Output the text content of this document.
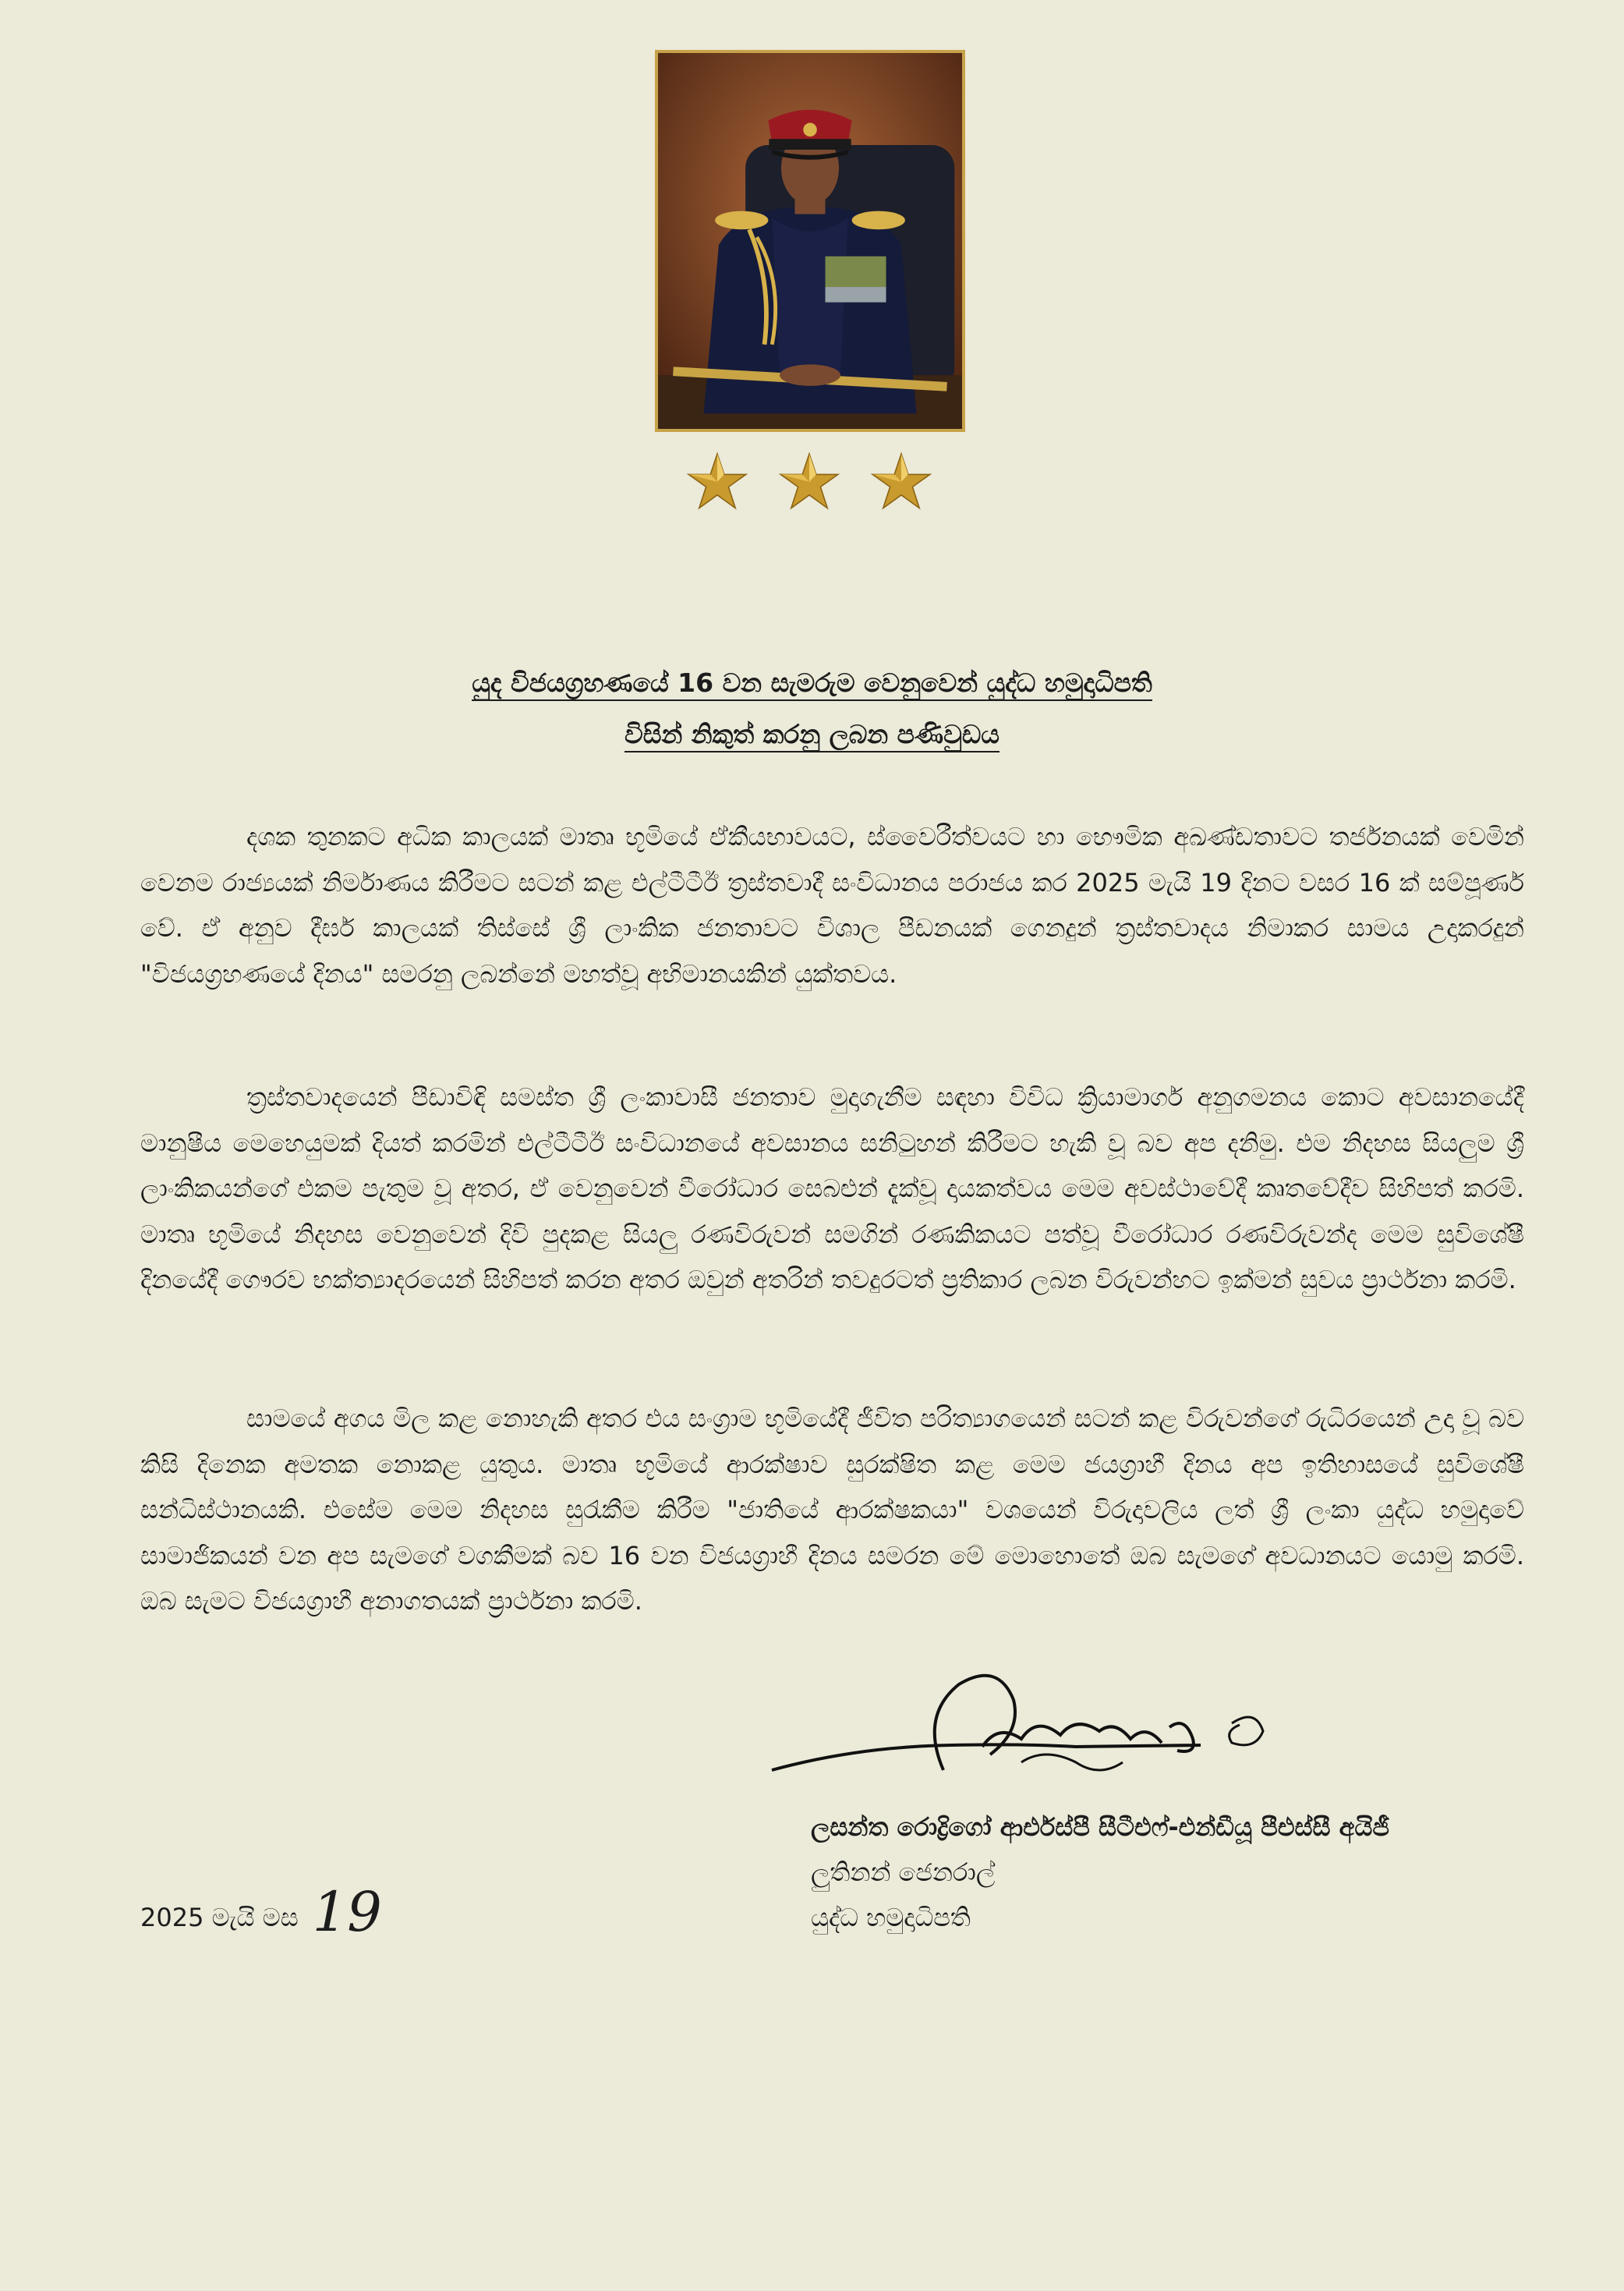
යුද විජයග්‍රහණයේ 16 වන සැමරුම වෙනුවෙන් යුද්ධ හමුදාධිපති
විසින් නිකුත් කරනු ලබන පණිවුඩය

දශක තුනකට අධික කාලයක් මාතෘ භූමියේ ඒකීයභාවයට, ස්වෛරීත්වයට හා භෞමික අඛණ්ඩතාවට තර්ජනයක් වෙමින් වෙනම රාජ්‍යයක් නිර්මාණය කිරීමට සටන් කළ එල්ටීටීඊ ත්‍රස්තවාදී සංවිධානය පරාජය කර 2025 මැයි 19 දිනට වසර 16 ක් සම්පූර්ණ වේ. ඒ අනුව දීර්ඝ කාලයක් තිස්සේ ශ්‍රී ලාංකික ජනතාවට විශාල පීඩනයක් ගෙනදුන් ත්‍රස්තවාදය නිමාකර සාමය උදාකරදුන් "විජයග්‍රහණයේ දිනය" සමරනු ලබන්නේ මහත්වූ අභිමානයකින් යුක්තවය.

ත්‍රස්තවාදයෙන් පීඩාවිඳි සමස්ත ශ්‍රී ලංකාවාසී ජනතාව මුදාගැනීම සඳහා විවිධ ක්‍රියාමාර්ග අනුගමනය කොට අවසානයේදී මානුෂීය මෙහෙයුමක් දියත් කරමින් එල්ටීටීඊ සංවිධානයේ අවසානය සනිටුහන් කිරීමට හැකි වූ බව අප දනිමු. එම නිදහස සියලුම ශ්‍රී ලාංකිකයන්ගේ එකම පැතුම වූ අතර, ඒ වෙනුවෙන් වීරෝධාර සෙබළුන් දැක්වූ දායකත්වය මෙම අවස්ථාවේදී කෘතවේදීව සිහිපත් කරමි. මාතෘ භූමියේ නිදහස වෙනුවෙන් දිවි පුදකළ සියලු රණවිරුවන් සමගින් රණකිකයට පත්වූ වීරෝධාර රණවිරුවන්ද මෙම සුවිශේෂී දිනයේදී ගෞරව භක්ත්‍යාදරයෙන් සිහිපත් කරන අතර ඔවුන් අතරින් තවදුරටත් ප්‍රතිකාර ලබන විරුවන්හට ඉක්මන් සුවය ප්‍රාර්ථනා කරමි.

සාමයේ අගය මිල කළ නොහැකි අතර එය සංග්‍රාම භූමියේදී ජීවිත පරිත්‍යාගයෙන් සටන් කළ විරුවන්ගේ රුධිරයෙන් උදා වූ බව කිසි දිනෙක අමතක නොකළ යුතුය. මාතෘ භූමියේ ආරක්ෂාව සුරක්ෂිත කළ මෙම ජයග්‍රාහී දිනය අප ඉතිහාසයේ සුවිශේෂී සන්ධිස්ථානයකි. එසේම මෙම නිදහස සුරැකීම කිරීම "ජාතියේ ආරක්ෂකයා" වශයෙන් විරුදාවලිය ලත් ශ්‍රී ලංකා යුද්ධ හමුදාවේ සාමාජිකයන් වන අප සැමගේ වගකීමක් බව 16 වන විජයග්‍රාහී දිනය සමරන මේ මොහොතේ ඔබ සැමගේ අවධානයට යොමු කරමි. ඔබ සැමට විජයග්‍රාහී අනාගතයක් ප්‍රාර්ථනා කරමි.

ලසන්ත රොද්‍රිගෝ ආර්එස්පී සීටීඑෆ්-එන්ඩීයූ පීඑස්සී අයිජී
ලුතිනන් ජෙනරාල්
යුද්ධ හමුදාධිපති
2025 මැයි මස 19
